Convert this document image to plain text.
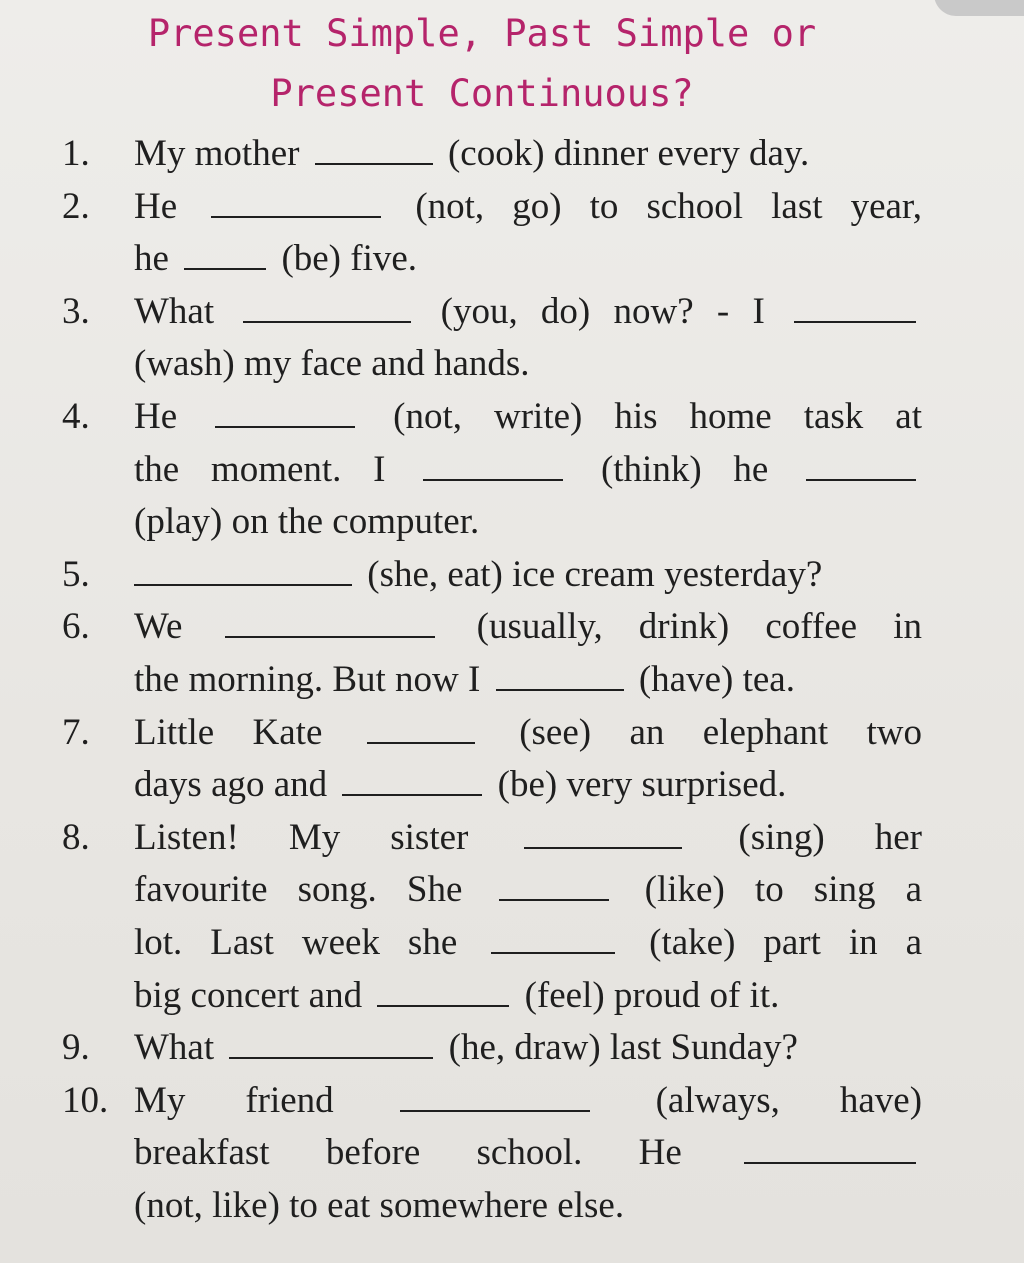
Present Simple, Past Simple or
Present Continuous?
1.	My mother	(cook) dinner every day.
2.	He	(not, go) to school last year,
he	(be) five.
3.	What	(you, do) now? - I
(wash) my face and hands.
4.	He	(not, write) his home task at
the moment. I	(think) he
(play) on the computer.
5.	(she, eat) ice cream yesterday?
6.	We	(usually, drink) coffee in
the morning. But now I	(have) tea.
7.	Little Kate	(see) an elephant two
days ago and	(be) very surprised.
8.	Listen! My sister	(sing) her
favourite song. She	(like) to sing a
lot. Last week she	(take) part in a
big concert and	(feel) proud of it.
9.	What	(he, draw) last Sunday?
10. My friend	(always, have)
breakfast before school. He
(not, like) to eat somewhere else.
